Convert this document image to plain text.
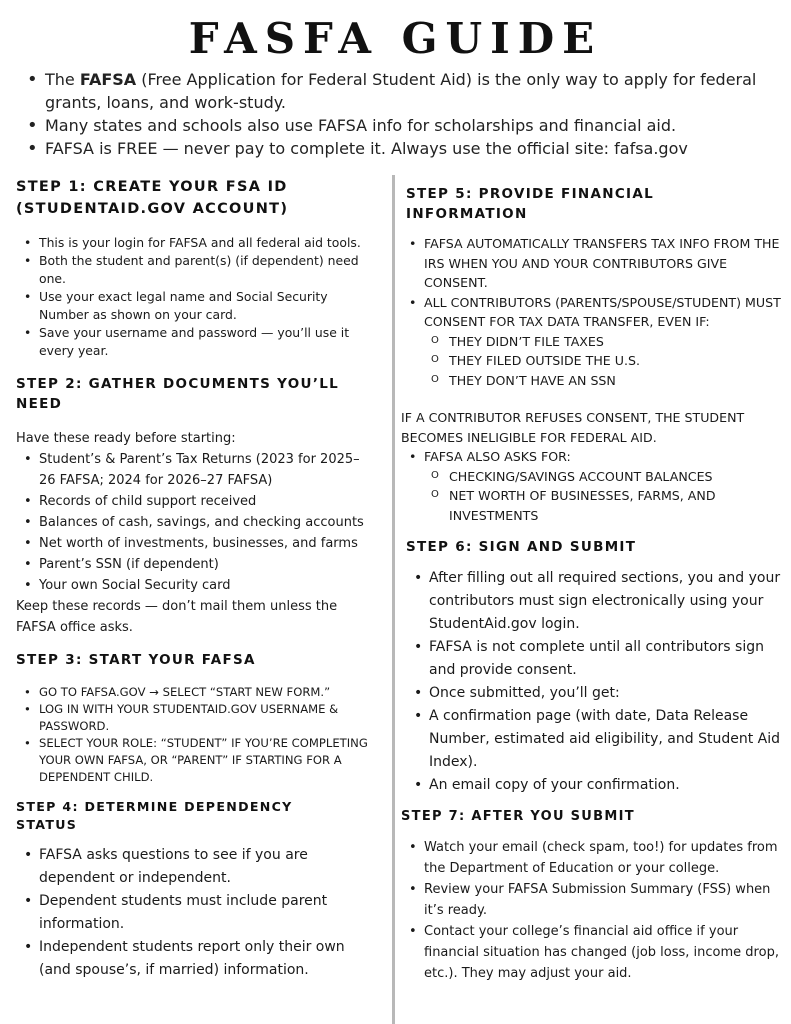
FASFA GUIDE
• The FAFSA (Free Application for Federal Student Aid) is the only way to apply for federal grants, loans, and work-study.
• Many states and schools also use FAFSA info for scholarships and financial aid.
• FAFSA is FREE — never pay to complete it. Always use the official site: fafsa.gov
STEP 1: CREATE YOUR FSA ID (STUDENTAID.GOV ACCOUNT)
• This is your login for FAFSA and all federal aid tools.
• Both the student and parent(s) (if dependent) need one.
• Use your exact legal name and Social Security Number as shown on your card.
• Save your username and password — you’ll use it every year.
STEP 2: GATHER DOCUMENTS YOU’LL NEED

Have these ready before starting:

• Student’s & Parent’s Tax Returns (2023 for 2025–26 FAFSA; 2024 for 2026–27 FAFSA)
• Records of child support received
• Balances of cash, savings, and checking accounts
• Net worth of investments, businesses, and farms
• Parent’s SSN (if dependent)
• Your own Social Security card

Keep these records — don’t mail them unless the FAFSA office asks.

STEP 3: START YOUR FAFSA
• GO TO FAFSA.GOV → SELECT “START NEW FORM.”
• LOG IN WITH YOUR STUDENTAID.GOV USERNAME & PASSWORD.
• SELECT YOUR ROLE: “STUDENT” IF YOU’RE COMPLETING YOUR OWN FAFSA, OR “PARENT” IF STARTING FOR A DEPENDENT CHILD.
STEP 4: DETERMINE DEPENDENCY STATUS
• FAFSA asks questions to see if you are dependent or independent.
• Dependent students must include parent information.
• Independent students report only their own (and spouse’s, if married) information.
STEP 5: PROVIDE FINANCIAL INFORMATION
• FAFSA AUTOMATICALLY TRANSFERS TAX INFO FROM THE IRS WHEN YOU AND YOUR CONTRIBUTORS GIVE CONSENT.
• ALL CONTRIBUTORS (PARENTS/SPOUSE/STUDENT) MUST CONSENT FOR TAX DATA TRANSFER, EVEN IF:
O THEY DIDN’T FILE TAXES
O THEY FILED OUTSIDE THE U.S.
O THEY DON’T HAVE AN SSN

IF A CONTRIBUTOR REFUSES CONSENT, THE STUDENT BECOMES INELIGIBLE FOR FEDERAL AID.

• FAFSA ALSO ASKS FOR:
O CHECKING/SAVINGS ACCOUNT BALANCES
O NET WORTH OF BUSINESSES, FARMS, AND INVESTMENTS
STEP 6: SIGN AND SUBMIT
• After filling out all required sections, you and your contributors must sign electronically using your StudentAid.gov login.
• FAFSA is not complete until all contributors sign and provide consent.
• Once submitted, you’ll get:
• A confirmation page (with date, Data Release Number, estimated aid eligibility, and Student Aid Index).
• An email copy of your confirmation.
STEP 7: AFTER YOU SUBMIT
• Watch your email (check spam, too!) for updates from the Department of Education or your college.
• Review your FAFSA Submission Summary (FSS) when it’s ready.
• Contact your college’s financial aid office if your financial situation has changed (job loss, income drop, etc.). They may adjust your aid.
